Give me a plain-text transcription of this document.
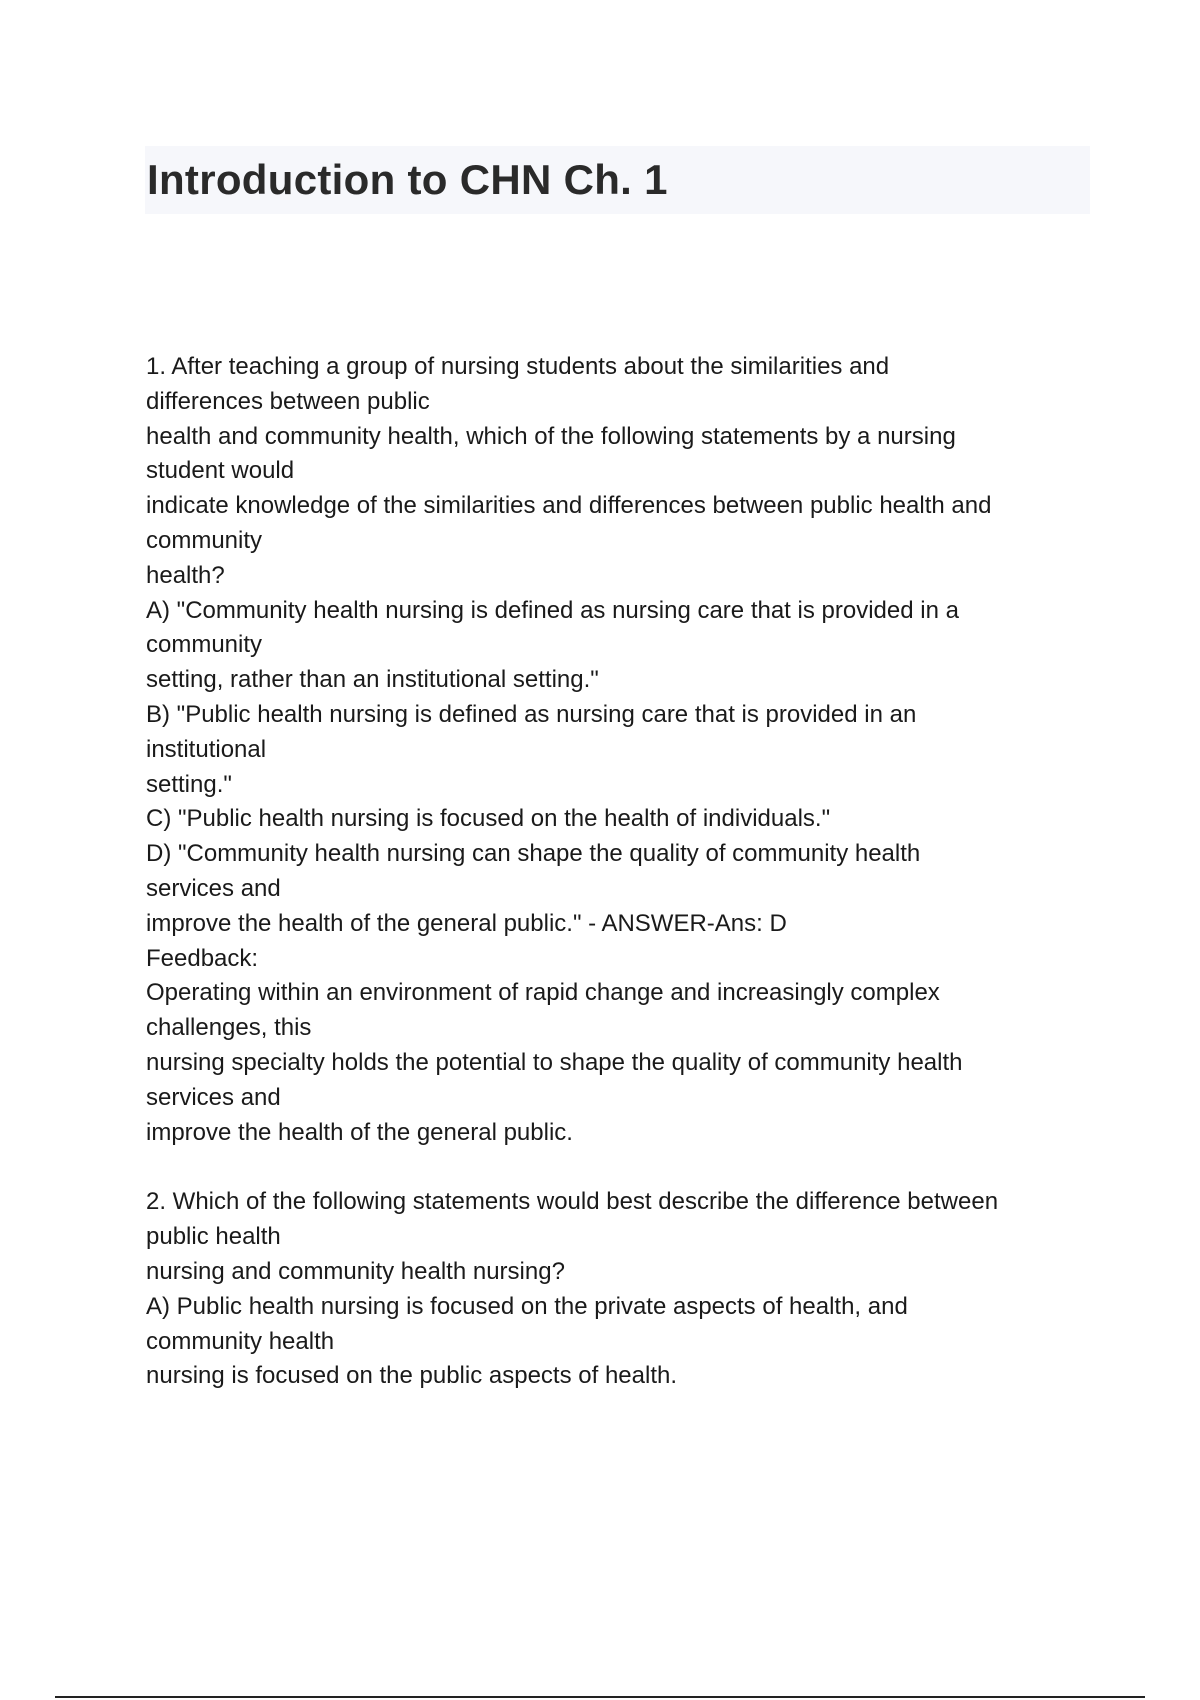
Introduction to CHN Ch. 1
1. After teaching a group of nursing students about the similarities and
differences between public
health and community health, which of the following statements by a nursing
student would
indicate knowledge of the similarities and differences between public health and
community
health?
A) "Community health nursing is defined as nursing care that is provided in a
community
setting, rather than an institutional setting."
B) "Public health nursing is defined as nursing care that is provided in an
institutional
setting."
C) "Public health nursing is focused on the health of individuals."
D) "Community health nursing can shape the quality of community health
services and
improve the health of the general public." - ANSWER-Ans: D
Feedback:
Operating within an environment of rapid change and increasingly complex
challenges, this
nursing specialty holds the potential to shape the quality of community health
services and
improve the health of the general public.
2. Which of the following statements would best describe the difference between
public health
nursing and community health nursing?
A) Public health nursing is focused on the private aspects of health, and
community health
nursing is focused on the public aspects of health.
